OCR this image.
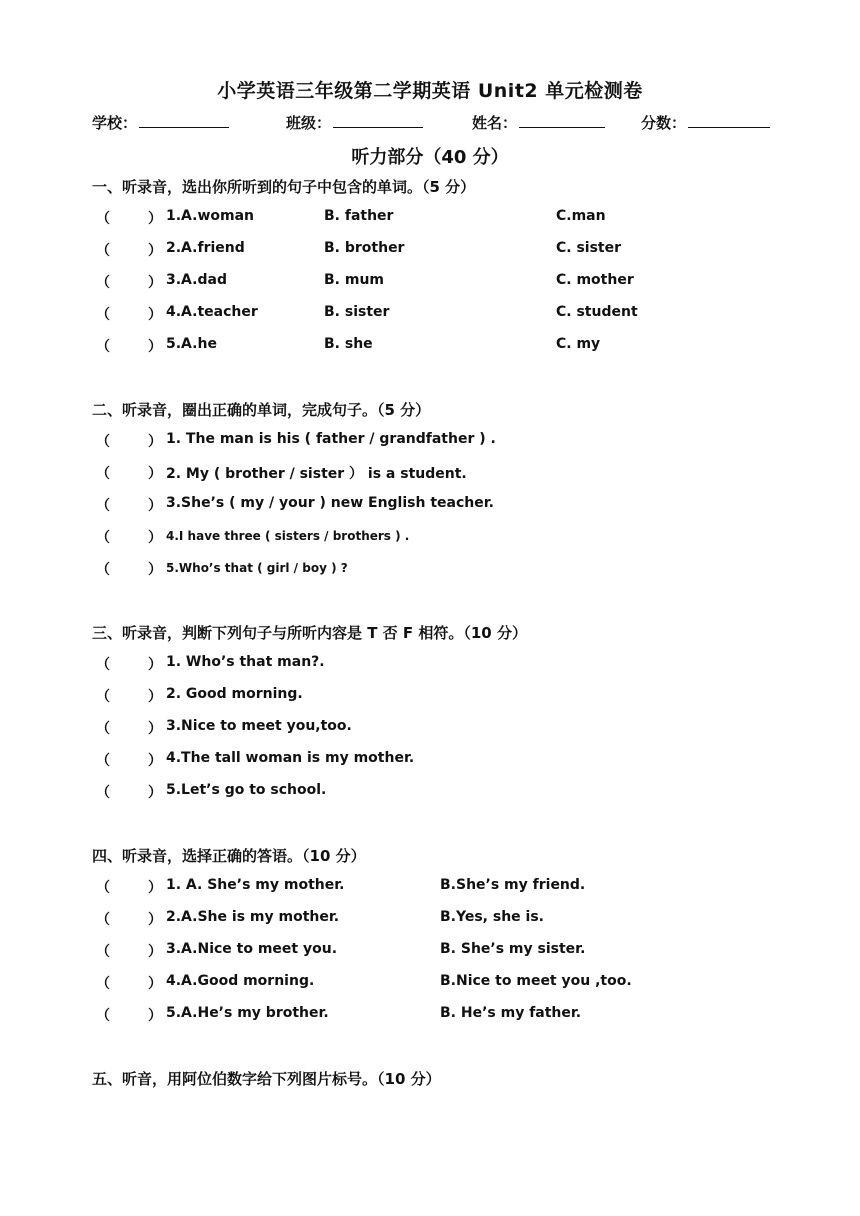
小学英语三年级第二学期英语 Unit2 单元检测卷
学校：	班级：	姓名：	分数：
听力部分（40 分）
一、听录音，选出你所听到的句子中包含的单词。（5 分）
（	） 1.A.woman	B. father	C.man
（	） 2.A.friend	B. brother	C. sister
（	） 3.A.dad	B. mum	C. mother
（	） 4.A.teacher	B. sister	C. student
（	） 5.A.he	B. she	C. my
二、听录音，圈出正确的单词，完成句子。（5 分）
（	） 1. The man is his ( father / grandfather ) .
（	） 2. My ( brother / sister ） is a student.
（	） 3.She’s ( my / your ) new English teacher.
（	） 4.I have three ( sisters / brothers ) .
（	） 5.Who’s that ( girl / boy ) ?
三、听录音，判断下列句子与所听内容是 T 否 F 相符。（10 分）
（	） 1. Who’s that man?.
（	） 2. Good morning.
（	） 3.Nice to meet you,too.
（	） 4.The tall woman is my mother.
（	） 5.Let’s go to school.
四、听录音，选择正确的答语。（10 分）
（	） 1. A. She’s my mother.	B.She’s my friend.
（	） 2.A.She is my mother.	B.Yes, she is.
（	） 3.A.Nice to meet you.	B. She’s my sister.
（	） 4.A.Good morning.	B.Nice to meet you ,too.
（	） 5.A.He’s my brother.	B. He’s my father.
五、听音，用阿位伯数字给下列图片标号。（10 分）
